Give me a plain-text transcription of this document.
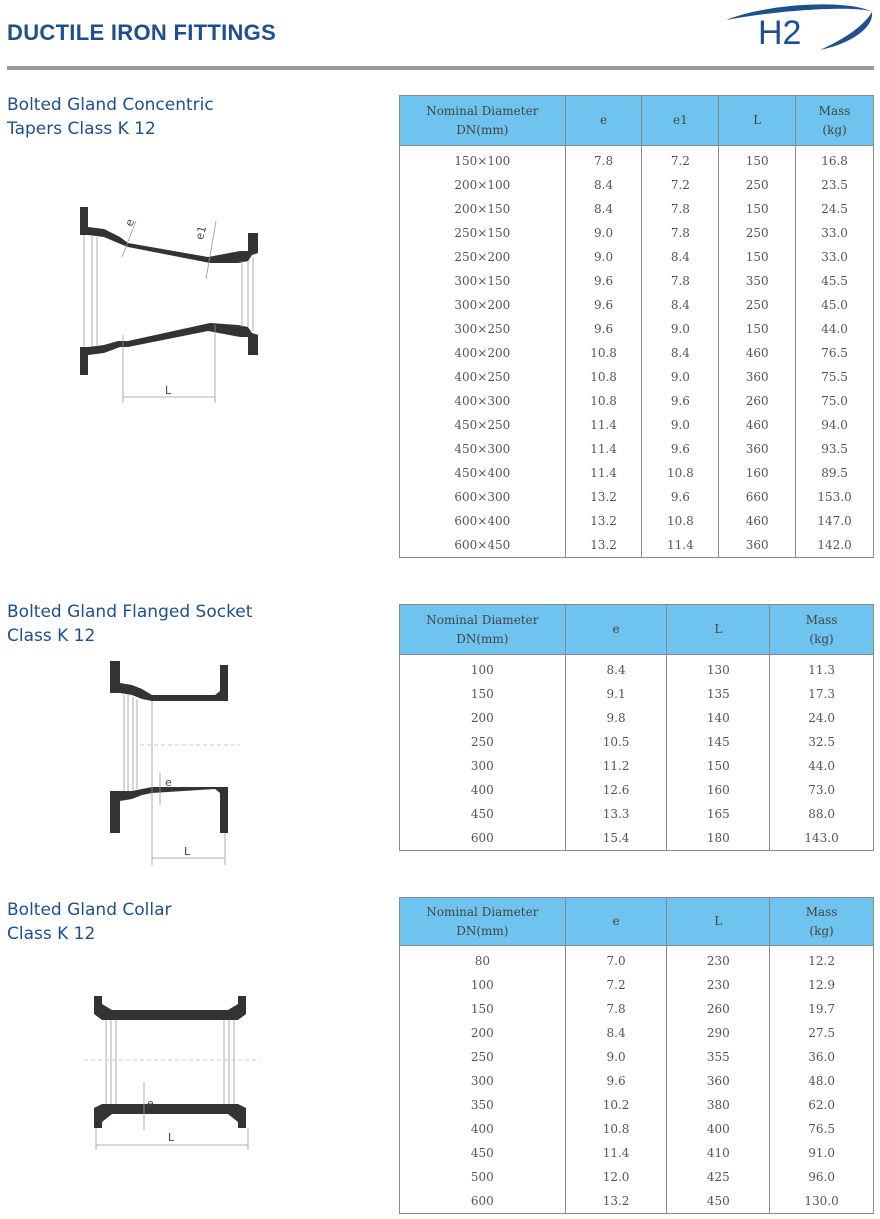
DUCTILE IRON FITTINGS	H2
Bolted Gland Concentric
Tapers Class K 12
e
e1
L
Nominal Diameter
DN(mm)	e	e1	L	Mass
(kg)
150×100	7.8	7.2	150	16.8
200×100	8.4	7.2	250	23.5
200×150	8.4	7.8	150	24.5
250×150	9.0	7.8	250	33.0
250×200	9.0	8.4	150	33.0
300×150	9.6	7.8	350	45.5
300×200	9.6	8.4	250	45.0
300×250	9.6	9.0	150	44.0
400×200	10.8	8.4	460	76.5
400×250	10.8	9.0	360	75.5
400×300	10.8	9.6	260	75.0
450×250	11.4	9.0	460	94.0
450×300	11.4	9.6	360	93.5
450×400	11.4	10.8	160	89.5
600×300	13.2	9.6	660	153.0
600×400	13.2	10.8	460	147.0
600×450	13.2	11.4	360	142.0
Bolted Gland Flanged Socket
Class K 12
e
L
Nominal Diameter
DN(mm)	e	L	Mass
(kg)
100	8.4	130	11.3
150	9.1	135	17.3
200	9.8	140	24.0
250	10.5	145	32.5
300	11.2	150	44.0
400	12.6	160	73.0
450	13.3	165	88.0
600	15.4	180	143.0
Bolted Gland Collar
Class K 12
e
L
Nominal Diameter
DN(mm)	e	L	Mass
(kg)
80	7.0	230	12.2
100	7.2	230	12.9
150	7.8	260	19.7
200	8.4	290	27.5
250	9.0	355	36.0
300	9.6	360	48.0
350	10.2	380	62.0
400	10.8	400	76.5
450	11.4	410	91.0
500	12.0	425	96.0
600	13.2	450	130.0
